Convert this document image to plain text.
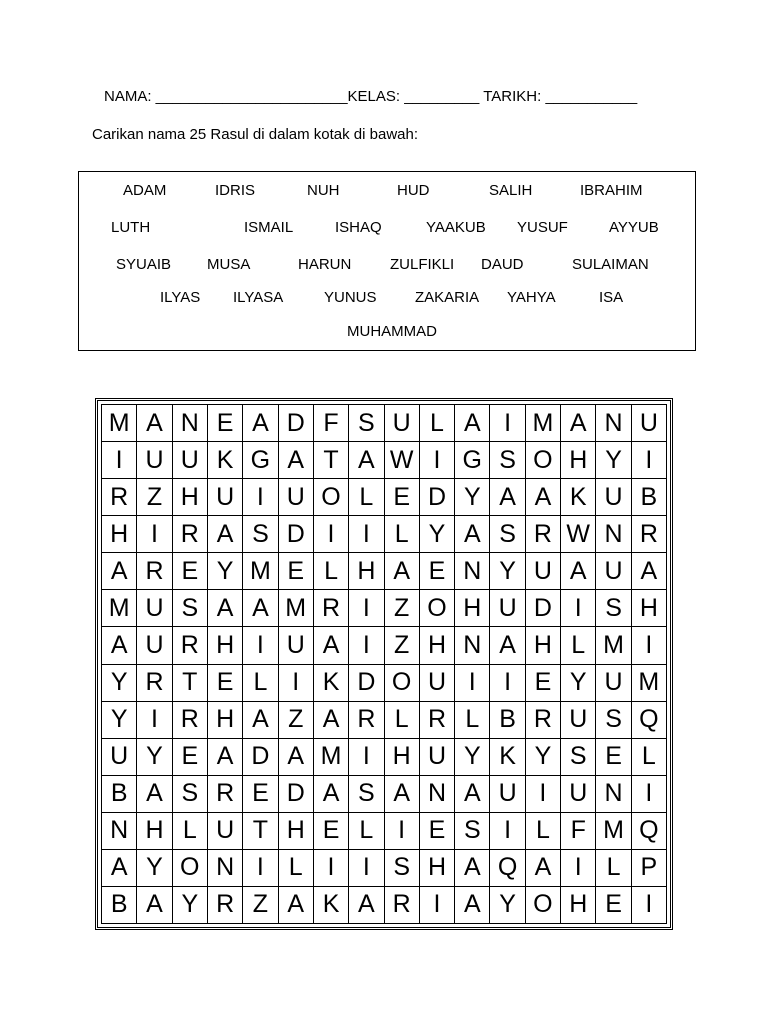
NAMA: _______________________KELAS: _________ TARIKH: ___________
Carikan nama 25 Rasul di dalam kotak di bawah:
ADAM	IDRIS	NUH	HUD	SALIH	IBRAHIM
LUTH	ISMAIL	ISHAQ	YAAKUB YUSUF	AYYUB
SYUAIB MUSA	HARUN	ZULFIKLI DAUD	SULAIMAN
ILYAS ILYASA	YUNUS	ZAKARIA YAHYA	ISA
MUHAMMAD
M A N E A D F S U L A I M A N U
I U U K G A T A W I G S O H Y I
R Z H U I U O L E D Y A A K U B
H I R A S D I	I L Y A S R W N R
A R E Y M E L H A E N Y U A U A
M U S A A M R I Z O H U D I S H
A U R H I U A I Z H N A H L M I
Y R T E L I K D O U I	I E Y U M
Y I R H A Z A R L R L B R U S Q
U Y E A D A M I H U Y K Y S E L
B A S R E D A S A N A U I U N I
N H L U T H E L I E S I L F M Q
A Y O N I L I	I S H A Q A I L P
B A Y R Z A K A R I A Y O H E I
